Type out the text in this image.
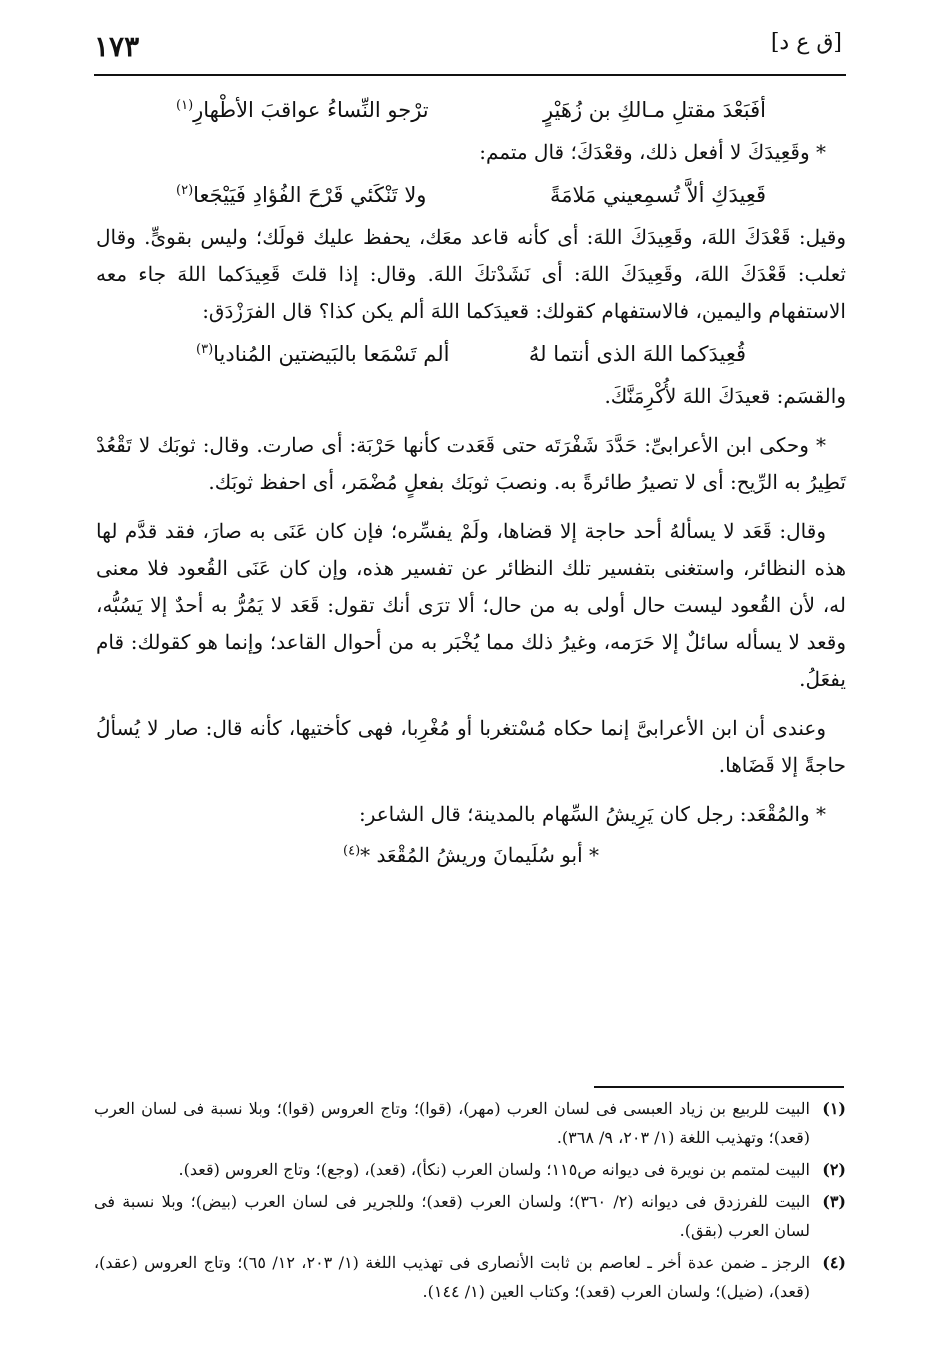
[ق ع د]
١٧٣
أفَبَعْدَ مقتلِ مـالكِ بن زُهَيْرٍ
ترْجو النِّساءُ عواقبَ الأطْهارِ$^{(١)}$

* وقَعِيدَكَ لا أفعل ذلك، وقعْدَكَ؛ قال متمم:

قَعِيدَكِ ألاَّ تُسمِعيني مَلامَةً
ولا تَنْكَئي قَرْحَ الفُؤادِ فَيَيْجَعا$^{(٢)}$

وقيل: قَعْدَكَ اللهَ، وقَعِيدَكَ اللهَ: أى كأنه قاعد معَك، يحفظ عليك قولَك؛ وليس بقوىٍّ. وقال ثعلب: قَعْدَكَ اللهَ، وقَعِيدَكَ اللهَ: أى نَشَدْتكَ اللهَ. وقال: إذا قلتَ قَعِيدَكما اللهَ جاء معه الاستفهام واليمين، فالاستفهام كقولك: قعيدَكما اللهَ ألم يكن كذا؟ قال الفرَزْدَق:

قُعِيدَكما اللهَ الذى أنتما لهُ
ألم تَسْمَعا بالبَيضتين المُناديا$^{(٣)}$

والقسَم: قعيدَكَ اللهَ لأُكْرِمَنَّكَ.

* وحكى ابن الأعرابىِّ: حَدَّدَ شَفْرَتَه حتى قَعَدت كأنها حَرْبَة: أى صارت. وقال: ثوبَك لا تَقْعُدْ تَطِيرُ به الرِّيح: أى لا تصيرُ طائرةً به. ونصبَ ثوبَك بفعلٍ مُضْمَر، أى احفظ ثوبَك.

وقال: قَعَد لا يسألهُ أحد حاجة إلا قضاها، ولَمْ يفسِّره؛ فإن كان عَنَى به صارَ، فقد قدَّم لها هذه النظائر، واستغنى بتفسير تلك النظائر عن تفسير هذه، وإن كان عَنَى القُعود فلا معنى له، لأن القُعود ليست حال أولى به من حال؛ ألا ترَى أنك تقول: قَعَد لا يَمُرُّ به أحدٌ إلا يَسُبُّه، وقعد لا يسأله سائلٌ إلا حَرَمه، وغيرُ ذلك مما يُخْبَر به من أحوال القاعد؛ وإنما هو كقولك: قام يفعَلُ.

وعندى أن ابن الأعرابىَّ إنما حكاه مُسْتغربا أو مُغْرِبا، فهى كأختيها، كأنه قال: صار لا يُسألُ حاجةً إلا قَضَاها.

* والمُقْعَد: رجل كان يَرِيشُ السِّهام بالمدينة؛ قال الشاعر:

* أبو سُلَيمانَ وريشُ المُقْعَد *$^{(٤)}$
(١)
البيت للربيع بن زياد العبسى فى لسان العرب (مهر)، (قوا)؛ وتاج العروس (قوا)؛ وبلا نسبة فى لسان العرب (قعد)؛ وتهذيب اللغة (١/ ٢٠٣، ٩/ ٣٦٨).
(٢)
البيت لمتمم بن نويرة فى ديوانه ص١١٥؛ ولسان العرب (نكأ)، (قعد)، (وجع)؛ وتاج العروس (قعد).
(٣)
البيت للفرزدق فى ديوانه (٢/ ٣٦٠)؛ ولسان العرب (قعد)؛ وللجرير فى لسان العرب (بيض)؛ وبلا نسبة فى لسان العرب (بقق).
(٤)
الرجز ـ ضمن عدة أخر ـ لعاصم بن ثابت الأنصارى فى تهذيب اللغة (١/ ٢٠٣، ١٢/ ٦٥)؛ وتاج العروس (عقد)، (قعد)، (ضيل)؛ ولسان العرب (قعد)؛ وكتاب العين (١/ ١٤٤).
